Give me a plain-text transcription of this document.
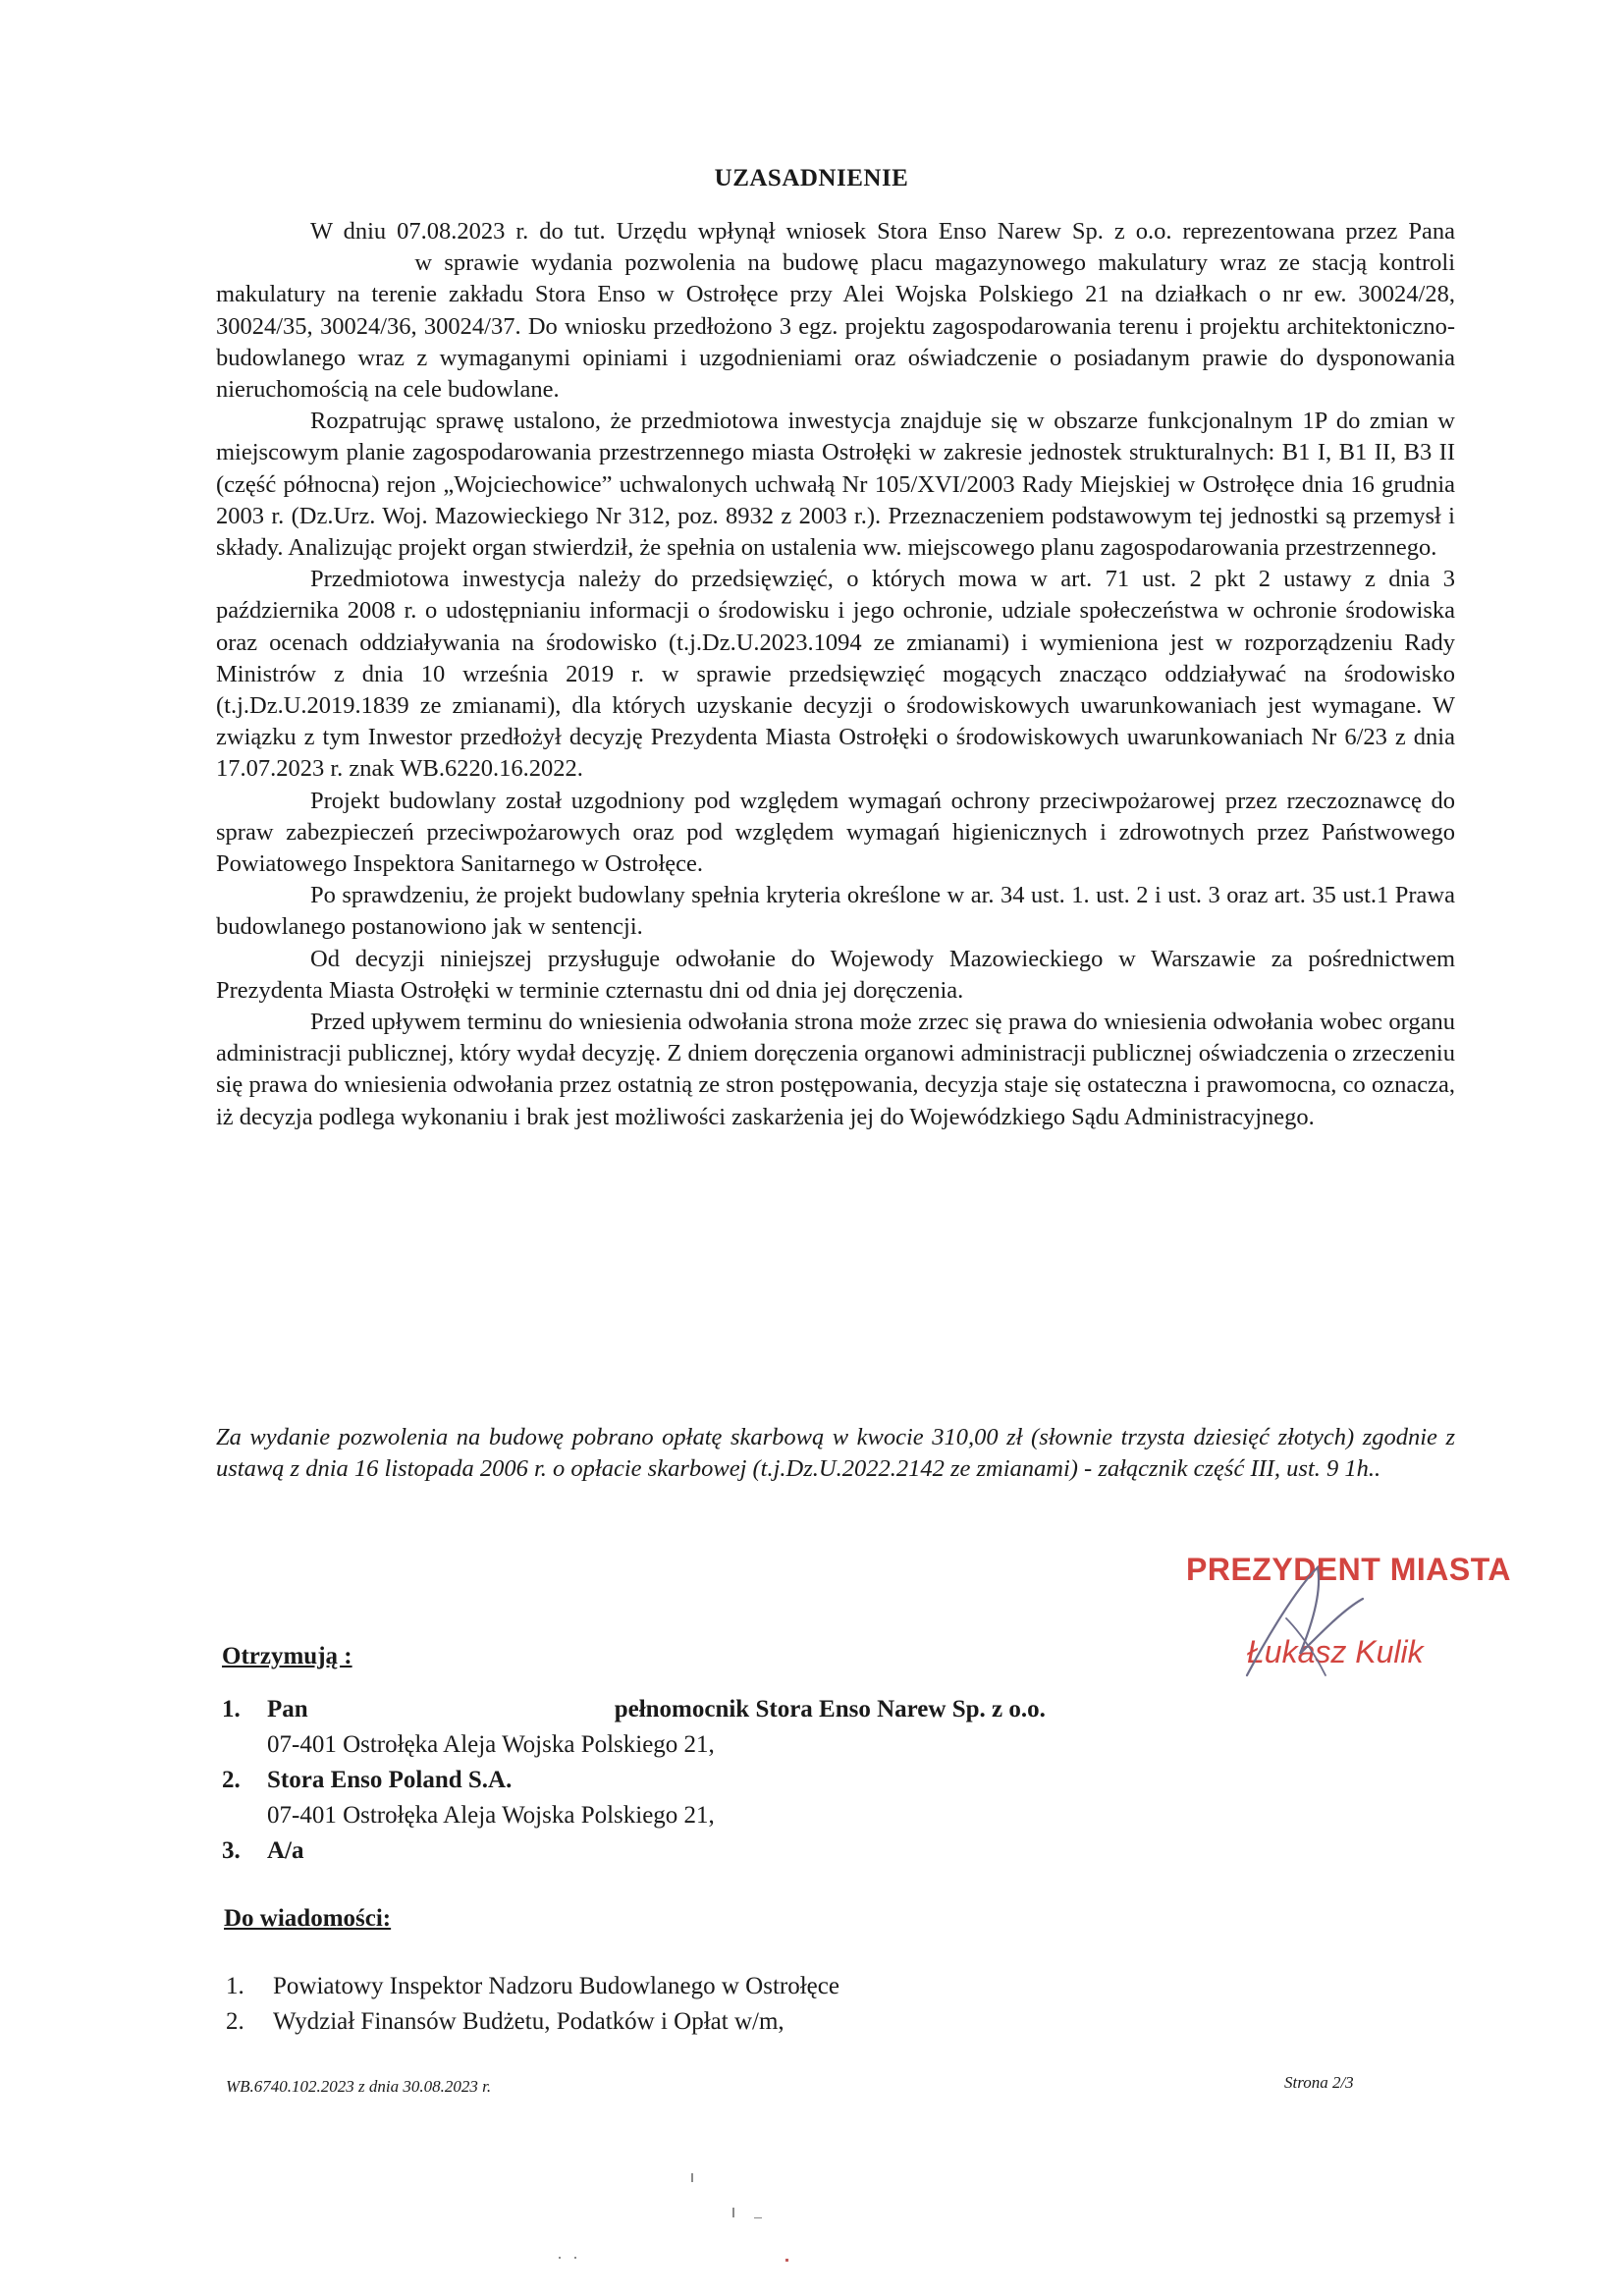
UZASADNIENIE

W dniu 07.08.2023 r. do tut. Urzędu wpłynął wniosek Stora Enso Narew Sp. z o.o. reprezentowana przez Pana  w sprawie wydania pozwolenia na budowę placu magazynowego makulatury wraz ze stacją kontroli makulatury na terenie zakładu Stora Enso w Ostrołęce przy Alei Wojska Polskiego 21 na działkach o nr ew. 30024/28, 30024/35, 30024/36, 30024/37. Do wniosku przedłożono 3 egz. projektu zagospodarowania terenu i projektu architektoniczno-budowlanego wraz z wymaganymi opiniami i uzgodnieniami oraz oświadczenie o posiadanym prawie do dysponowania nieruchomością na cele budowlane.

Rozpatrując sprawę ustalono, że przedmiotowa inwestycja znajduje się w obszarze funkcjonalnym 1P do zmian w miejscowym planie zagospodarowania przestrzennego miasta Ostrołęki w zakresie jednostek strukturalnych: B1 I, B1 II, B3 II (część północna) rejon „Wojciechowice” uchwalonych uchwałą Nr 105/XVI/2003 Rady Miejskiej w Ostrołęce dnia 16 grudnia 2003 r. (Dz.Urz. Woj. Mazowieckiego Nr 312, poz. 8932 z 2003 r.). Przeznaczeniem podstawowym tej jednostki są przemysł i składy. Analizując projekt organ stwierdził, że spełnia on ustalenia ww. miejscowego planu zagospodarowania przestrzennego.

Przedmiotowa inwestycja należy do przedsięwzięć, o których mowa w art. 71 ust. 2 pkt 2 ustawy z dnia 3 października 2008 r. o udostępnianiu informacji o środowisku i jego ochronie, udziale społeczeństwa w ochronie środowiska oraz ocenach oddziaływania na środowisko (t.j.Dz.U.2023.1094 ze zmianami) i wymieniona jest w rozporządzeniu Rady Ministrów z dnia 10 września 2019 r. w sprawie przedsięwzięć mogących znacząco oddziaływać na środowisko (t.j.Dz.U.2019.1839 ze zmianami), dla których uzyskanie decyzji o środowiskowych uwarunkowaniach jest wymagane. W związku z tym Inwestor przedłożył decyzję Prezydenta Miasta Ostrołęki o środowiskowych uwarunkowaniach Nr 6/23 z dnia 17.07.2023 r. znak WB.6220.16.2022.

Projekt budowlany został uzgodniony pod względem wymagań ochrony przeciwpożarowej przez rzeczoznawcę do spraw zabezpieczeń przeciwpożarowych oraz pod względem wymagań higienicznych i zdrowotnych przez Państwowego Powiatowego Inspektora Sanitarnego w Ostrołęce.

Po sprawdzeniu, że projekt budowlany spełnia kryteria określone w ar. 34 ust. 1. ust. 2 i ust. 3 oraz art. 35 ust.1 Prawa budowlanego postanowiono jak w sentencji.

Od decyzji niniejszej przysługuje odwołanie do Wojewody Mazowieckiego w Warszawie za pośrednictwem Prezydenta Miasta Ostrołęki w terminie czternastu dni od dnia jej doręczenia.

Przed upływem terminu do wniesienia odwołania strona może zrzec się prawa do wniesienia odwołania wobec organu administracji publicznej, który wydał decyzję. Z dniem doręczenia organowi administracji publicznej oświadczenia o zrzeczeniu się prawa do wniesienia odwołania przez ostatnią ze stron postępowania, decyzja staje się ostateczna i prawomocna, co oznacza, iż decyzja podlega wykonaniu i brak jest możliwości zaskarżenia jej do Wojewódzkiego Sądu Administracyjnego.

Za wydanie pozwolenia na budowę pobrano opłatę skarbową w kwocie 310,00 zł (słownie trzysta dziesięć złotych) zgodnie z ustawą z dnia 16 listopada 2006 r. o opłacie skarbowej (t.j.Dz.U.2022.2142 ze zmianami) - załącznik część III, ust. 9 1h..
PREZYDENT MIASTA
Łukasz Kulik
Otrzymują :
1. Pan	pełnomocnik Stora Enso Narew Sp. z o.o.
07-401 Ostrołęka Aleja Wojska Polskiego 21,
2. Stora Enso Poland S.A.
07-401 Ostrołęka Aleja Wojska Polskiego 21,
3. A/a
Do wiadomości:
1. Powiatowy Inspektor Nadzoru Budowlanego w Ostrołęce
2. Wydział Finansów Budżetu, Podatków i Opłat w/m,
WB.6740.102.2023 z dnia 30.08.2023 r.	Strona 2/3
